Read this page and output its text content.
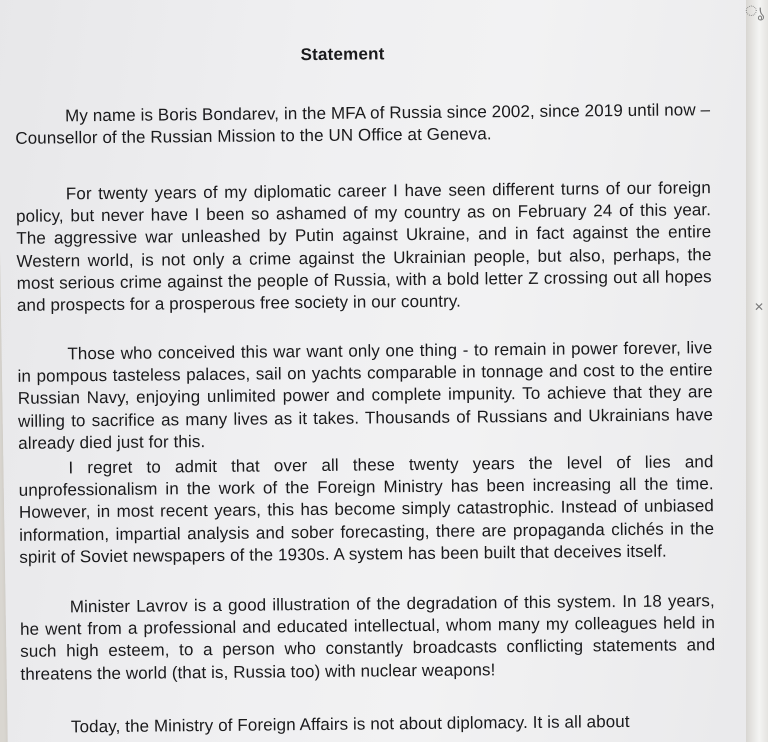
ൃ
✕
Statement

My name is Boris Bondarev, in the MFA of Russia since 2002, since 2019 until now – Counsellor of the Russian Mission to the UN Office at Geneva.

For twenty years of my diplomatic career I have seen different turns of our foreign policy, but never have I been so ashamed of my country as on February 24 of this year. The aggressive war unleashed by Putin against Ukraine, and in fact against the entire Western world, is not only a crime against the Ukrainian people, but also, perhaps, the most serious crime against the people of Russia, with a bold letter Z crossing out all hopes and prospects for a prosperous free society in our country.

Those who conceived this war want only one thing - to remain in power forever, live in pompous tasteless palaces, sail on yachts comparable in tonnage and cost to the entire Russian Navy, enjoying unlimited power and complete impunity. To achieve that they are willing to sacrifice as many lives as it takes. Thousands of Russians and Ukrainians have already died just for this.

I regret to admit that over all these twenty years the level of lies and unprofessionalism in the work of the Foreign Ministry has been increasing all the time. However, in most recent years, this has become simply catastrophic. Instead of unbiased information, impartial analysis and sober forecasting, there are propaganda clichés in the spirit of Soviet newspapers of the 1930s. A system has been built that deceives itself.

Minister Lavrov is a good illustration of the degradation of this system. In 18 years, he went from a professional and educated intellectual, whom many my colleagues held in such high esteem, to a person who constantly broadcasts conflicting statements and threatens the world (that is, Russia too) with nuclear weapons!

Today, the Ministry of Foreign Affairs is not about diplomacy. It is all about
